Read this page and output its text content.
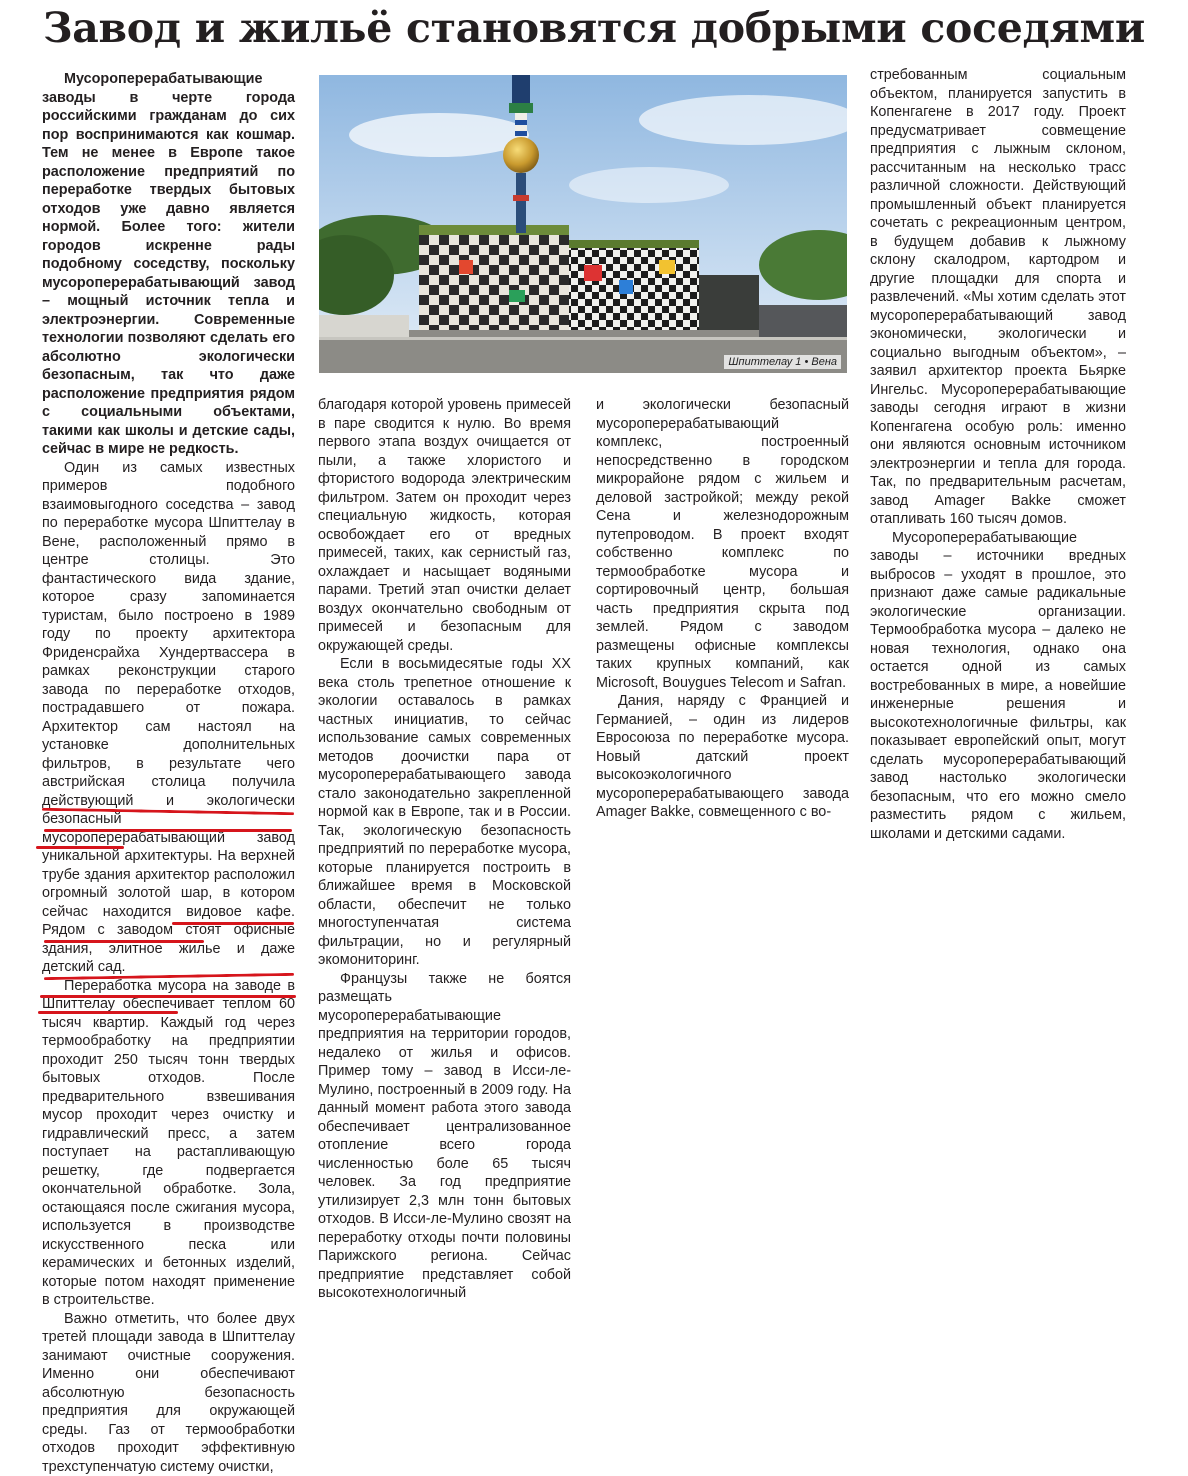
Завод и жильё становятся добрыми соседями

Мусороперерабатывающие заводы в черте города российскими гражданам до сих пор воспринимаются как кошмар. Тем не менее в Европе такое расположение предприятий по переработке твердых бытовых отходов уже давно является нормой. Более того: жители городов искренне рады подобному соседству, поскольку мусороперерабатывающий завод – мощный источник тепла и электроэнергии. Современные технологии позволяют сделать его абсолютно экологически безопасным, так что даже расположение предприятия рядом с социальными объектами, такими как школы и детские сады, сейчас в мире не редкость.

Один из самых известных примеров подобного взаимовыгодного соседства – завод по переработке мусора Шпиттелау в Вене, расположенный прямо в центре столицы. Это фантастического вида здание, которое сразу запоминается туристам, было построено в 1989 году по проекту архитектора Фриденсрайха Хундертвассера в рамках реконструкции старого завода по переработке отходов, пострадавшего от пожара. Архитектор сам настоял на установке дополнительных фильтров, в результате чего австрийская столица получила действующий и экологически безопасный мусороперерабатывающий завод уникальной архитектуры. На верхней трубе здания архитектор расположил огромный золотой шар, в котором сейчас находится видовое кафе. Рядом с заводом стоят офисные здания, элитное жилье и даже детский сад.

Переработка мусора на заводе в Шпиттелау обеспечивает теплом 60 тысяч квартир. Каждый год через термообработку на предприятии проходит 250 тысяч тонн твердых бытовых отходов. После предварительного взвешивания мусор проходит через очистку и гидравлический пресс, а затем поступает на растапливающую решетку, где подвергается окончательной обработке. Зола, остающаяся после сжигания мусора, используется в производстве искусственного песка или керамических и бетонных изделий, которые потом находят применение в строительстве.

Важно отметить, что более двух третей площади завода в Шпиттелау занимают очистные сооружения. Именно они обеспечивают абсолютную безопасность предприятия для окружающей среды. Газ от термообработки отходов проходит эффективную трехступенчатую систему очистки,

Шпиттелау 1 • Вена

благодаря которой уровень примесей в паре сводится к нулю. Во время первого этапа воздух очищается от пыли, а также хлористого и фтористого водорода электрическим фильтром. Затем он проходит через специальную жидкость, которая освобождает его от вредных примесей, таких, как сернистый газ, охлаждает и насыщает водяными парами. Третий этап очистки делает воздух окончательно свободным от примесей и безопасным для окружающей среды.

Если в восьмидесятые годы XX века столь трепетное отношение к экологии оставалось в рамках частных инициатив, то сейчас использование самых современных методов доочистки пара от мусороперерабатывающего завода стало законодательно закрепленной нормой как в Европе, так и в России. Так, экологическую безопасность предприятий по переработке мусора, которые планируется построить в ближайшее время в Московской области, обеспечит не только многоступенчатая система фильтрации, но и регулярный экомониторинг.

Французы также не боятся размещать мусороперерабатывающие предприятия на территории городов, недалеко от жилья и офисов. Пример тому – завод в Исси-ле-Мулино, построенный в 2009 году. На данный момент работа этого завода обеспечивает централизованное отопление всего города численностью боле 65 тысяч человек. За год предприятие утилизирует 2,3 млн тонн бытовых отходов. В Исси-ле-Мулино свозят на переработку отходы почти половины Парижского региона. Сейчас предприятие представляет собой высокотехнологичный

и экологически безопасный мусороперерабатывающий комплекс, построенный непосредственно в городском микрорайоне рядом с жильем и деловой застройкой; между рекой Сена и железнодорожным путепроводом. В проект входят собственно комплекс по термообработке мусора и сортировочный центр, большая часть предприятия скрыта под землей. Рядом с заводом размещены офисные комплексы таких крупных компаний, как Microsoft, Bouygues Telecom и Safran.

Дания, наряду с Францией и Германией, – один из лидеров Евросоюза по переработке мусора. Новый датский проект высокоэкологичного мусороперерабатывающего завода Amager Bakke, совмещенного с во-

стребованным социальным объектом, планируется запустить в Копенгагене в 2017 году. Проект предусматривает совмещение предприятия с лыжным склоном, рассчитанным на несколько трасс различной сложности. Действующий промышленный объект планируется сочетать с рекреационным центром, в будущем добавив к лыжному склону скалодром, картодром и другие площадки для спорта и развлечений. «Мы хотим сделать этот мусороперерабатывающий завод экономически, экологически и социально выгодным объектом», – заявил архитектор проекта Бьярке Ингельс. Мусороперерабатывающие заводы сегодня играют в жизни Копенгагена особую роль: именно они являются основным источником электроэнергии и тепла для города. Так, по предварительным расчетам, завод Amager Bakke сможет отапливать 160 тысяч домов.

Мусороперерабатывающие заводы – источники вредных выбросов – уходят в прошлое, это признают даже самые радикальные экологические организации. Термообработка мусора – далеко не новая технология, однако она остается одной из самых востребованных в мире, а новейшие инженерные решения и высокотехнологичные фильтры, как показывает европейский опыт, могут сделать мусороперерабатывающий завод настолько экологически безопасным, что его можно смело разместить рядом с жильем, школами и детскими садами.
